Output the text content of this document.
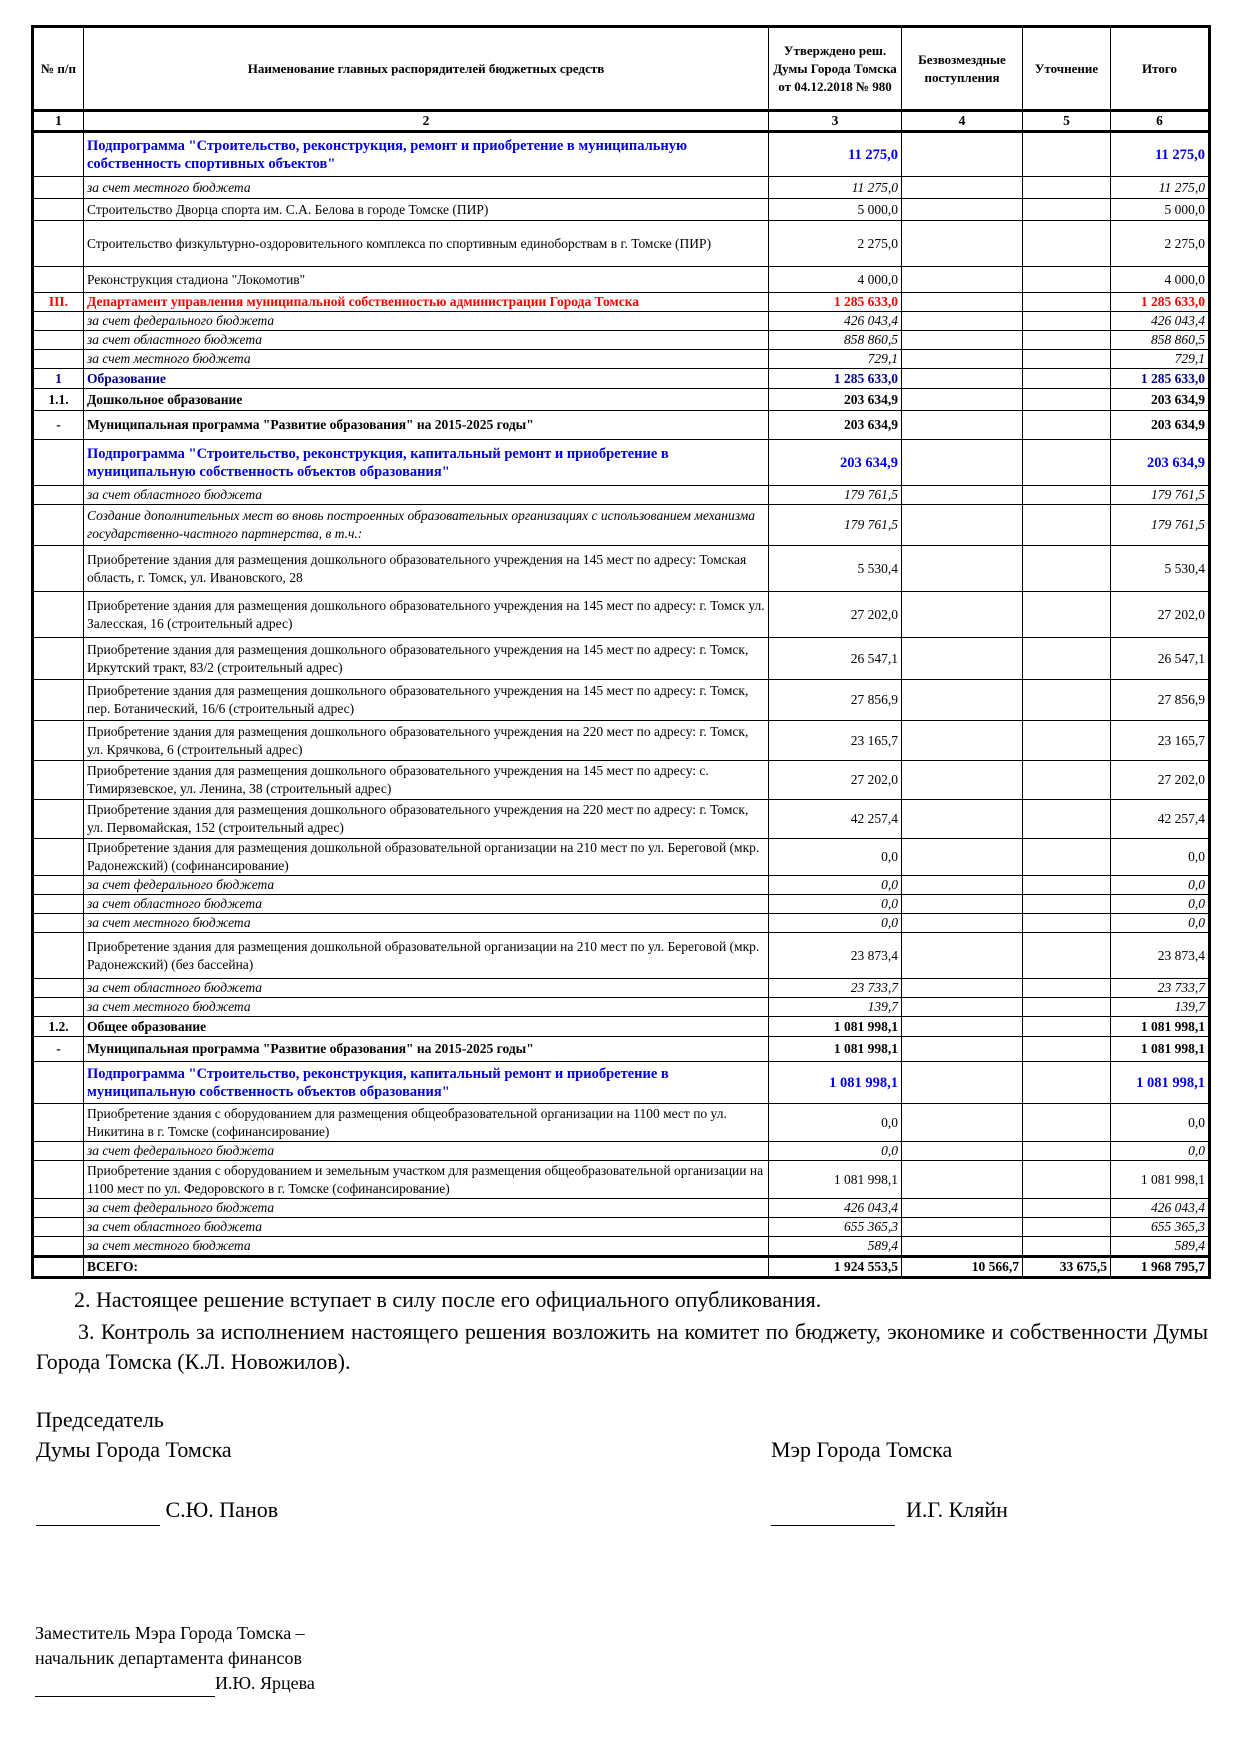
№ п/п	Наименование главных распорядителей бюджетных средств	Утверждено реш. Думы Города Томска от 04.12.2018 № 980	Безвозмездные поступления	Уточнение	Итого
1	2	3	4	5	6
	Подпрограмма "Строительство, реконструкция, ремонт и приобретение в муниципальную собственность спортивных объектов"	11 275,0			11 275,0
	за счет местного бюджета	11 275,0			11 275,0
	Строительство Дворца спорта им. С.А. Белова в городе Томске (ПИР)	5 000,0			5 000,0
	Строительство физкультурно-оздоровительного комплекса по спортивным единоборствам в г. Томске (ПИР)	2 275,0			2 275,0
	Реконструкция стадиона "Локомотив"	4 000,0			4 000,0
III.	Департамент управления муниципальной собственностью администрации Города Томска	1 285 633,0			1 285 633,0
	за счет федерального бюджета	426 043,4			426 043,4
	за счет областного бюджета	858 860,5			858 860,5
	за счет местного бюджета	729,1			729,1
1	Образование	1 285 633,0			1 285 633,0
1.1.	Дошкольное образование	203 634,9			203 634,9
-	Муниципальная программа "Развитие образования" на 2015-2025 годы"	203 634,9			203 634,9
	Подпрограмма "Строительство, реконструкция, капитальный ремонт и приобретение в муниципальную собственность объектов образования"	203 634,9			203 634,9
	за счет областного бюджета	179 761,5			179 761,5
	Создание дополнительных мест во вновь построенных образовательных организациях с использованием механизма государственно-частного партнерства, в т.ч.:	179 761,5			179 761,5
	Приобретение здания для размещения дошкольного образовательного учреждения на 145 мест по адресу: Томская область, г. Томск, ул. Ивановского, 28	5 530,4			5 530,4
	Приобретение здания для размещения дошкольного образовательного учреждения на 145 мест по адресу: г. Томск ул. Залесская, 16 (строительный адрес)	27 202,0			27 202,0
	Приобретение здания для размещения дошкольного образовательного учреждения на 145 мест по адресу: г. Томск, Иркутский тракт, 83/2 (строительный адрес)	26 547,1			26 547,1
	Приобретение здания для размещения дошкольного образовательного учреждения на 145 мест по адресу: г. Томск, пер. Ботанический, 16/6 (строительный адрес)	27 856,9			27 856,9
	Приобретение здания для размещения дошкольного образовательного учреждения на 220 мест по адресу: г. Томск, ул. Крячкова, 6 (строительный адрес)	23 165,7			23 165,7
	Приобретение здания для размещения дошкольного образовательного учреждения на 145 мест по адресу: с. Тимирязевское, ул. Ленина, 38 (строительный адрес)	27 202,0			27 202,0
	Приобретение здания для размещения дошкольного образовательного учреждения на 220 мест по адресу: г. Томск, ул. Первомайская, 152 (строительный адрес)	42 257,4			42 257,4
	Приобретение здания для размещения дошкольной образовательной организации на 210 мест по ул. Береговой (мкр. Радонежский) (софинансирование)	0,0			0,0
	за счет федерального бюджета	0,0			0,0
	за счет областного бюджета	0,0			0,0
	за счет местного бюджета	0,0			0,0
	Приобретение здания для размещения дошкольной образовательной организации на 210 мест по ул. Береговой (мкр. Радонежский) (без бассейна)	23 873,4			23 873,4
	за счет областного бюджета	23 733,7			23 733,7
	за счет местного бюджета	139,7			139,7
1.2.	Общее образование	1 081 998,1			1 081 998,1
-	Муниципальная программа "Развитие образования" на 2015-2025 годы"	1 081 998,1			1 081 998,1
	Подпрограмма "Строительство, реконструкция, капитальный ремонт и приобретение в муниципальную собственность объектов образования"	1 081 998,1			1 081 998,1
	Приобретение здания с оборудованием для размещения общеобразовательной организации на 1100 мест по ул. Никитина в г. Томске (софинансирование)	0,0			0,0
	за счет федерального бюджета	0,0			0,0
	Приобретение здания с оборудованием и земельным участком для размещения общеобразовательной организации на 1100 мест по ул. Федоровского в г. Томске (софинансирование)	1 081 998,1			1 081 998,1
	за счет федерального бюджета	426 043,4			426 043,4
	за счет областного бюджета	655 365,3			655 365,3
	за счет местного бюджета	589,4			589,4
	ВСЕГО:	1 924 553,5	10 566,7	33 675,5	1 968 795,7
2. Настоящее решение вступает в силу после его официального опубликования.
3. Контроль за исполнением настоящего решения возложить на комитет по бюджету, экономике и собственности Думы Города Томска (К.Л. Новожилов).
Председатель
Думы Города Томска
	Мэр Города Томска
С.Ю. Панов	И.Г. Кляйн
Заместитель Мэра Города Томска –
начальник департамента финансов
И.Ю. Ярцева
